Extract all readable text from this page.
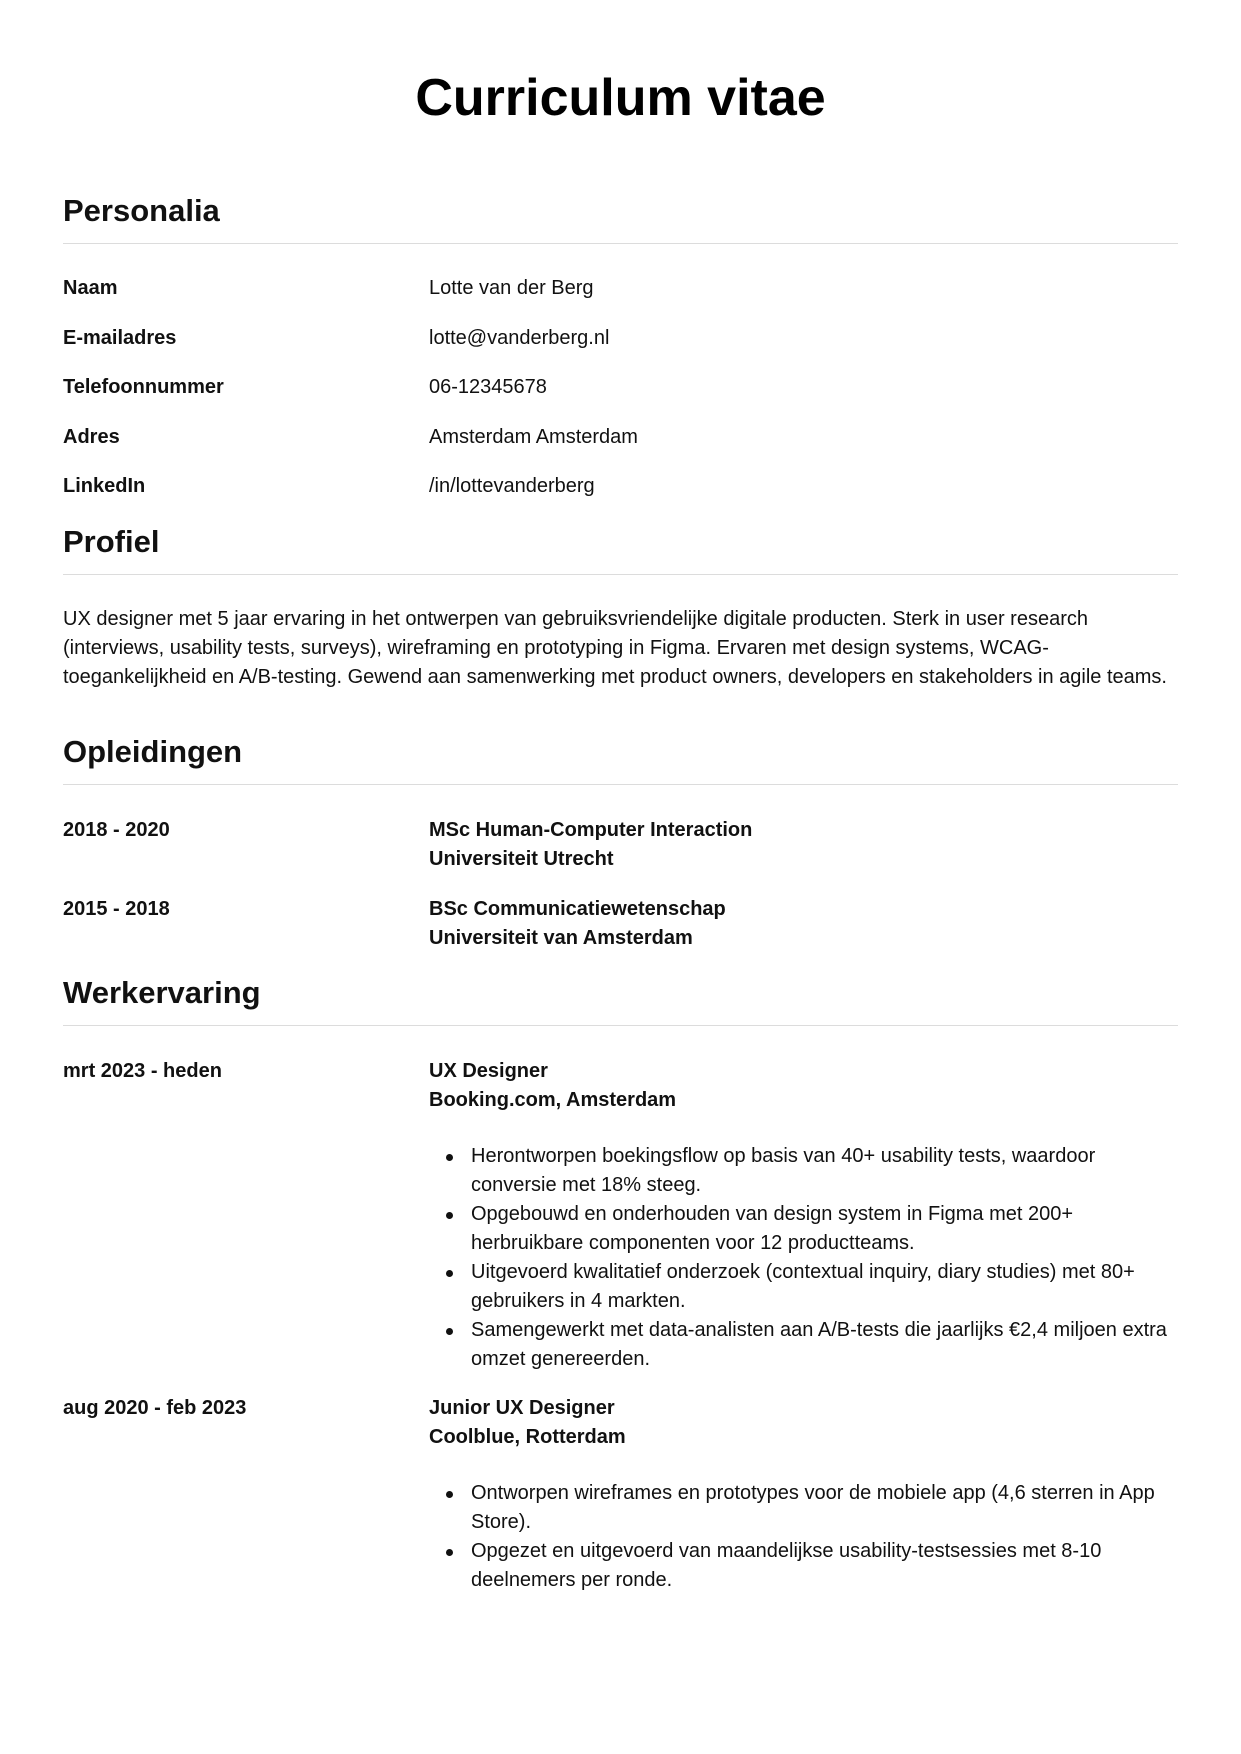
Curriculum vitae
Personalia
Naam	Lotte van der Berg
E-mailadres	lotte@vanderberg.nl
Telefoonnummer	06-12345678
Adres	Amsterdam Amsterdam
LinkedIn	/in/lottevanderberg
Profiel

UX designer met 5 jaar ervaring in het ontwerpen van gebruiksvriendelijke digitale producten. Sterk in user research (interviews, usability tests, surveys), wireframing en prototyping in Figma. Ervaren met design systems, WCAG-toegankelijkheid en A/B-testing. Gewend aan samenwerking met product owners, developers en stakeholders in agile teams.

Opleidingen
2018 - 2020	MSc Human-Computer Interaction
Universiteit Utrecht
2015 - 2018	BSc Communicatiewetenschap
Universiteit van Amsterdam
Werkervaring
mrt 2023 - heden	UX Designer
Booking.com, Amsterdam
Herontworpen boekingsflow op basis van 40+ usability tests, waardoor conversie met 18% steeg.
Opgebouwd en onderhouden van design system in Figma met 200+ herbruikbare componenten voor 12 productteams.
Uitgevoerd kwalitatief onderzoek (contextual inquiry, diary studies) met 80+ gebruikers in 4 markten.
Samengewerkt met data-analisten aan A/B-tests die jaarlijks €2,4 miljoen extra omzet genereerden.
aug 2020 - feb 2023	Junior UX Designer
Coolblue, Rotterdam
Ontworpen wireframes en prototypes voor de mobiele app (4,6 sterren in App Store).
Opgezet en uitgevoerd van maandelijkse usability-testsessies met 8-10 deelnemers per ronde.
